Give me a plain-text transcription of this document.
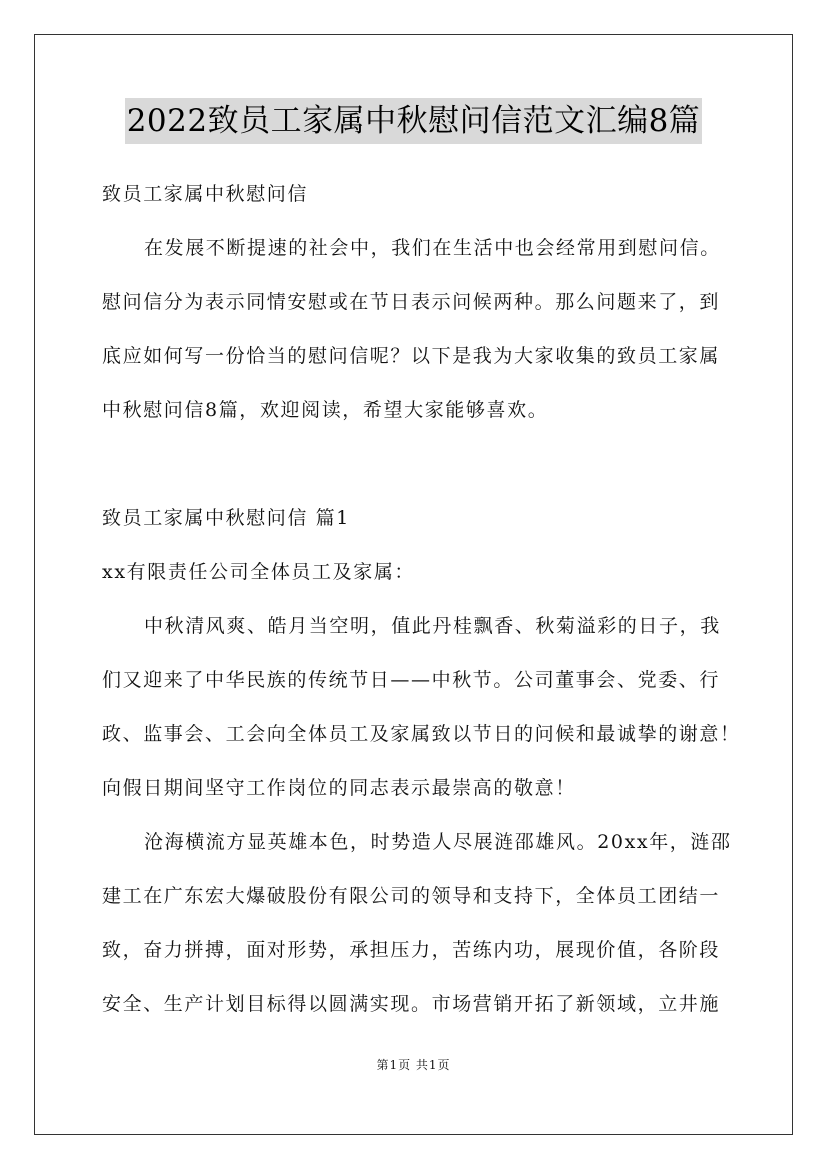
2022致员工家属中秋慰问信范文汇编8篇
致员工家属中秋慰问信
在发展不断提速的社会中，我们在生活中也会经常用到慰问信。
慰问信分为表示同情安慰或在节日表示问候两种。那么问题来了，到
底应如何写一份恰当的慰问信呢？以下是我为大家收集的致员工家属
中秋慰问信8篇，欢迎阅读，希望大家能够喜欢。
致员工家属中秋慰问信 篇1
xx有限责任公司全体员工及家属：
中秋清风爽、皓月当空明，值此丹桂飘香、秋菊溢彩的日子，我
们又迎来了中华民族的传统节日——中秋节。公司董事会、党委、行
政、监事会、工会向全体员工及家属致以节日的问候和最诚挚的谢意！
向假日期间坚守工作岗位的同志表示最崇高的敬意！
沧海横流方显英雄本色，时势造人尽展涟邵雄风。20xx年，涟邵
建工在广东宏大爆破股份有限公司的领导和支持下，全体员工团结一
致，奋力拼搏，面对形势，承担压力，苦练内功，展现价值，各阶段
安全、生产计划目标得以圆满实现。市场营销开拓了新领域，立井施
第1页 共1页
